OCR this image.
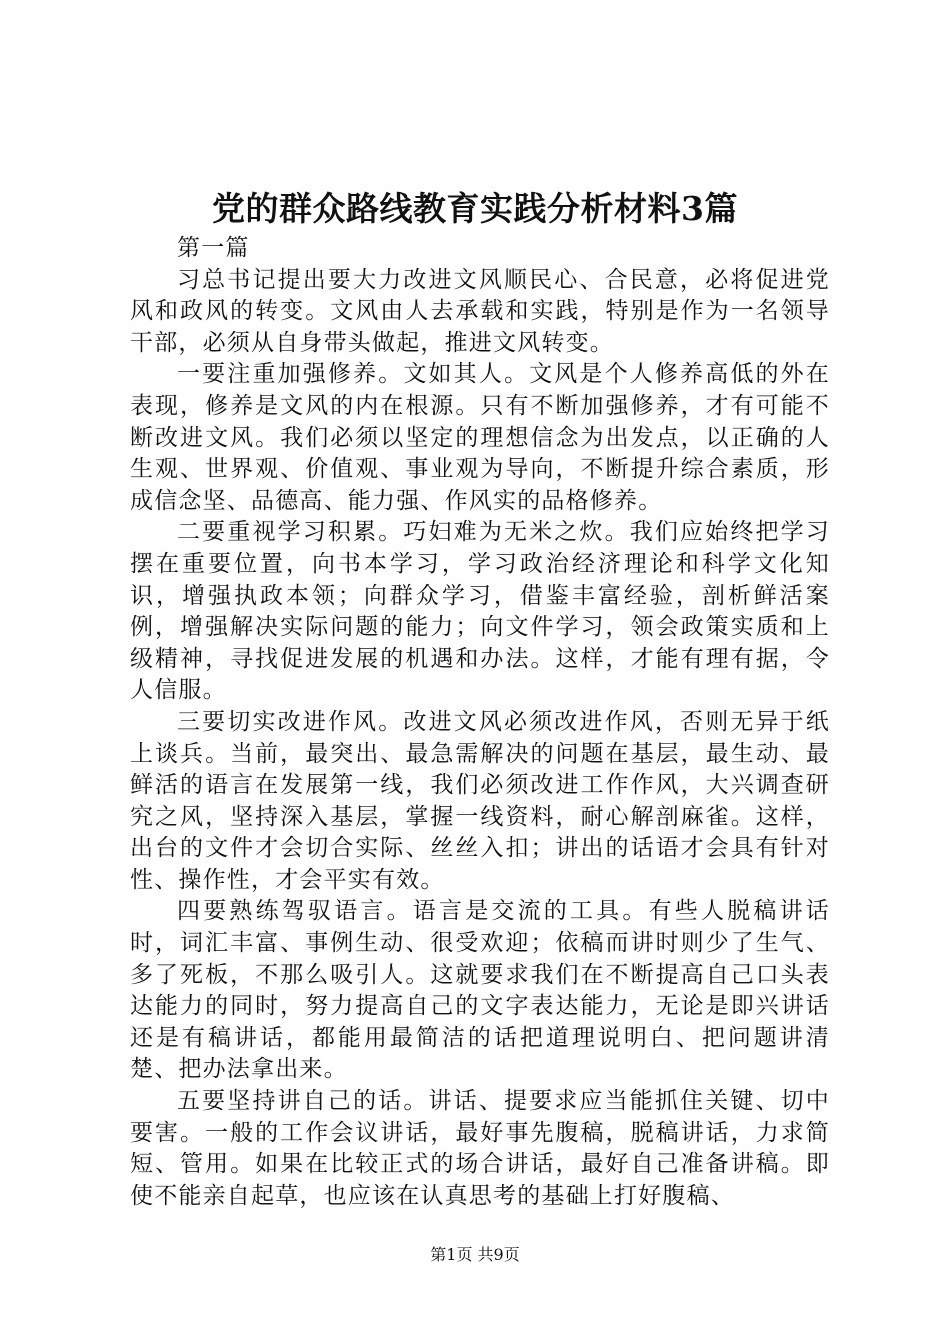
党的群众路线教育实践分析材料3篇

第一篇

习总书记提出要大力改进文风顺民心、合民意，必将促进党风和政风的转变。文风由人去承载和实践，特别是作为一名领导干部，必须从自身带头做起，推进文风转变。

一要注重加强修养。文如其人。文风是个人修养高低的外在表现，修养是文风的内在根源。只有不断加强修养，才有可能不断改进文风。我们必须以坚定的理想信念为出发点，以正确的人生观、世界观、价值观、事业观为导向，不断提升综合素质，形成信念坚、品德高、能力强、作风实的品格修养。

二要重视学习积累。巧妇难为无米之炊。我们应始终把学习摆在重要位置，向书本学习，学习政治经济理论和科学文化知识，增强执政本领；向群众学习，借鉴丰富经验，剖析鲜活案例，增强解决实际问题的能力；向文件学习，领会政策实质和上级精神，寻找促进发展的机遇和办法。这样，才能有理有据，令人信服。

三要切实改进作风。改进文风必须改进作风，否则无异于纸上谈兵。当前，最突出、最急需解决的问题在基层，最生动、最鲜活的语言在发展第一线，我们必须改进工作作风，大兴调查研究之风，坚持深入基层，掌握一线资料，耐心解剖麻雀。这样，出台的文件才会切合实际、丝丝入扣；讲出的话语才会具有针对性、操作性，才会平实有效。

四要熟练驾驭语言。语言是交流的工具。有些人脱稿讲话时，词汇丰富、事例生动、很受欢迎；依稿而讲时则少了生气、多了死板，不那么吸引人。这就要求我们在不断提高自己口头表达能力的同时，努力提高自己的文字表达能力，无论是即兴讲话还是有稿讲话，都能用最简洁的话把道理说明白、把问题讲清楚、把办法拿出来。

五要坚持讲自己的话。讲话、提要求应当能抓住关键、切中要害。一般的工作会议讲话，最好事先腹稿，脱稿讲话，力求简短、管用。如果在比较正式的场合讲话，最好自己准备讲稿。即使不能亲自起草，也应该在认真思考的基础上打好腹稿、

第1页 共9页
